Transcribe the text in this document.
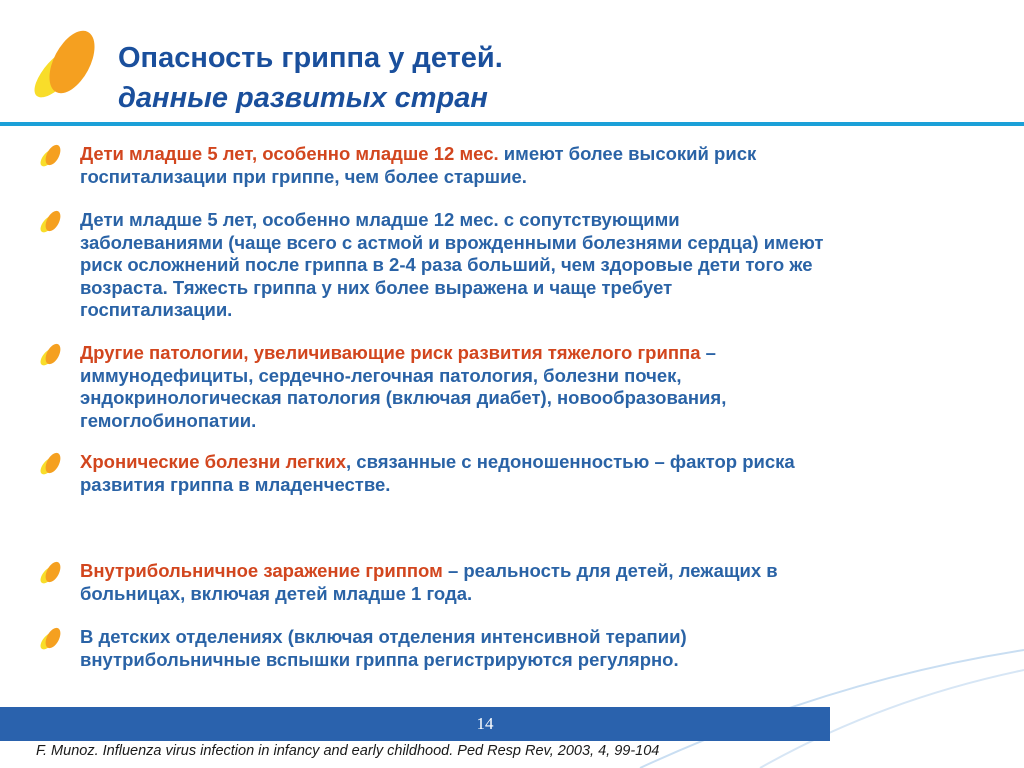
Опасность гриппа у детей.
данные развитых стран
Дети младше 5 лет, особенно младше 12 мес. имеют более высокий риск
госпитализации при гриппе, чем более старшие.
Дети младше 5 лет, особенно младше 12 мес. с сопутствующими
заболеваниями (чаще всего с астмой и врожденными болезнями сердца) имеют
риск осложнений после гриппа в 2-4 раза больший, чем здоровые дети того же
возраста. Тяжесть гриппа у них более выражена и чаще требует
госпитализации.
Другие патологии, увеличивающие риск развития тяжелого гриппа –
иммунодефициты, сердечно-легочная патология, болезни почек,
эндокринологическая патология (включая диабет), новообразования,
гемоглобинопатии.
Хронические болезни легких, связанные с недоношенностью – фактор риска
развития гриппа в младенчестве.
Внутрибольничное заражение гриппом – реальность для детей, лежащих в
больницах, включая детей младше 1 года.
В детских отделениях (включая отделения интенсивной терапии)
внутрибольничные вспышки гриппа регистрируются регулярно.
14
F. Munoz. Influenza virus infection in infancy and early childhood. Ped Resp Rev, 2003, 4, 99-104
